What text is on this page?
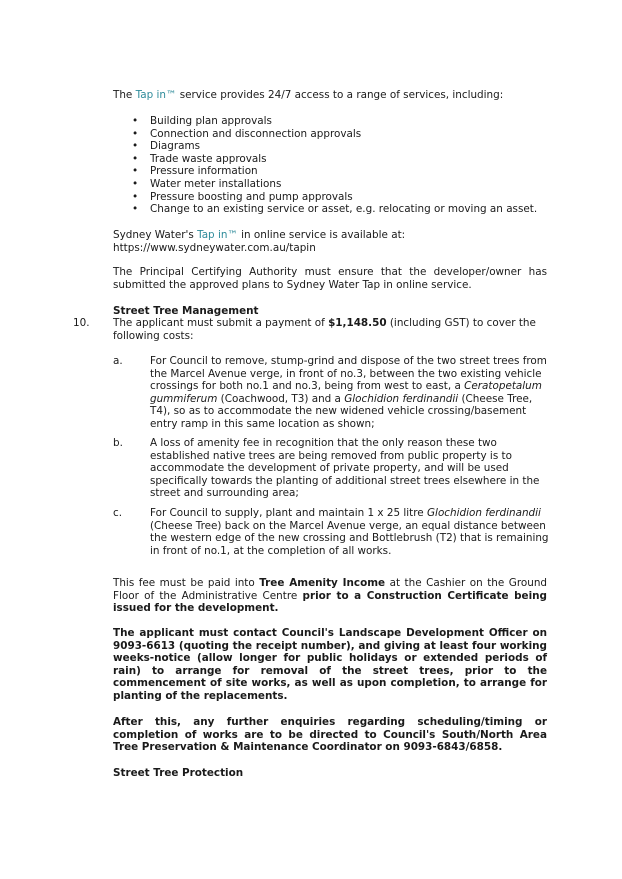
The Tap in™ service provides 24/7 access to a range of services, including:

• Building plan approvals
• Connection and disconnection approvals
• Diagrams
• Trade waste approvals
• Pressure information
• Water meter installations
• Pressure boosting and pump approvals
• Change to an existing service or asset, e.g. relocating or moving an asset.

Sydney Water's Tap in™ in online service is available at:
https://www.sydneywater.com.au/tapin

The Principal Certifying Authority must ensure that the developer/owner has submitted the approved plans to Sydney Water Tap in online service.

Street Tree Management

10. The applicant must submit a payment of $1,148.50 (including GST) to cover the following costs:

a.	For Council to remove, stump-grind and dispose of the two street trees from the Marcel Avenue verge, in front of no.3, between the two existing vehicle crossings for both no.1 and no.3, being from west to east, a Ceratopetalum gummiferum (Coachwood, T3) and a Glochidion ferdinandii (Cheese Tree, T4), so as to accommodate the new widened vehicle crossing/basement entry ramp in this same location as shown;

b.	A loss of amenity fee in recognition that the only reason these two established native trees are being removed from public property is to accommodate the development of private property, and will be used specifically towards the planting of additional street trees elsewhere in the street and surrounding area;

c.	For Council to supply, plant and maintain 1 x 25 litre Glochidion ferdinandii (Cheese Tree) back on the Marcel Avenue verge, an equal distance between the western edge of the new crossing and Bottlebrush (T2) that is remaining in front of no.1, at the completion of all works.

This fee must be paid into Tree Amenity Income at the Cashier on the Ground Floor of the Administrative Centre prior to a Construction Certificate being issued for the development.

The applicant must contact Council's Landscape Development Officer on 9093-6613 (quoting the receipt number), and giving at least four working weeks-notice (allow longer for public holidays or extended periods of rain) to arrange for removal of the street trees, prior to the commencement of site works, as well as upon completion, to arrange for planting of the replacements.

After this, any further enquiries regarding scheduling/timing or completion of works are to be directed to Council's South/North Area Tree Preservation & Maintenance Coordinator on 9093-6843/6858.

Street Tree Protection
